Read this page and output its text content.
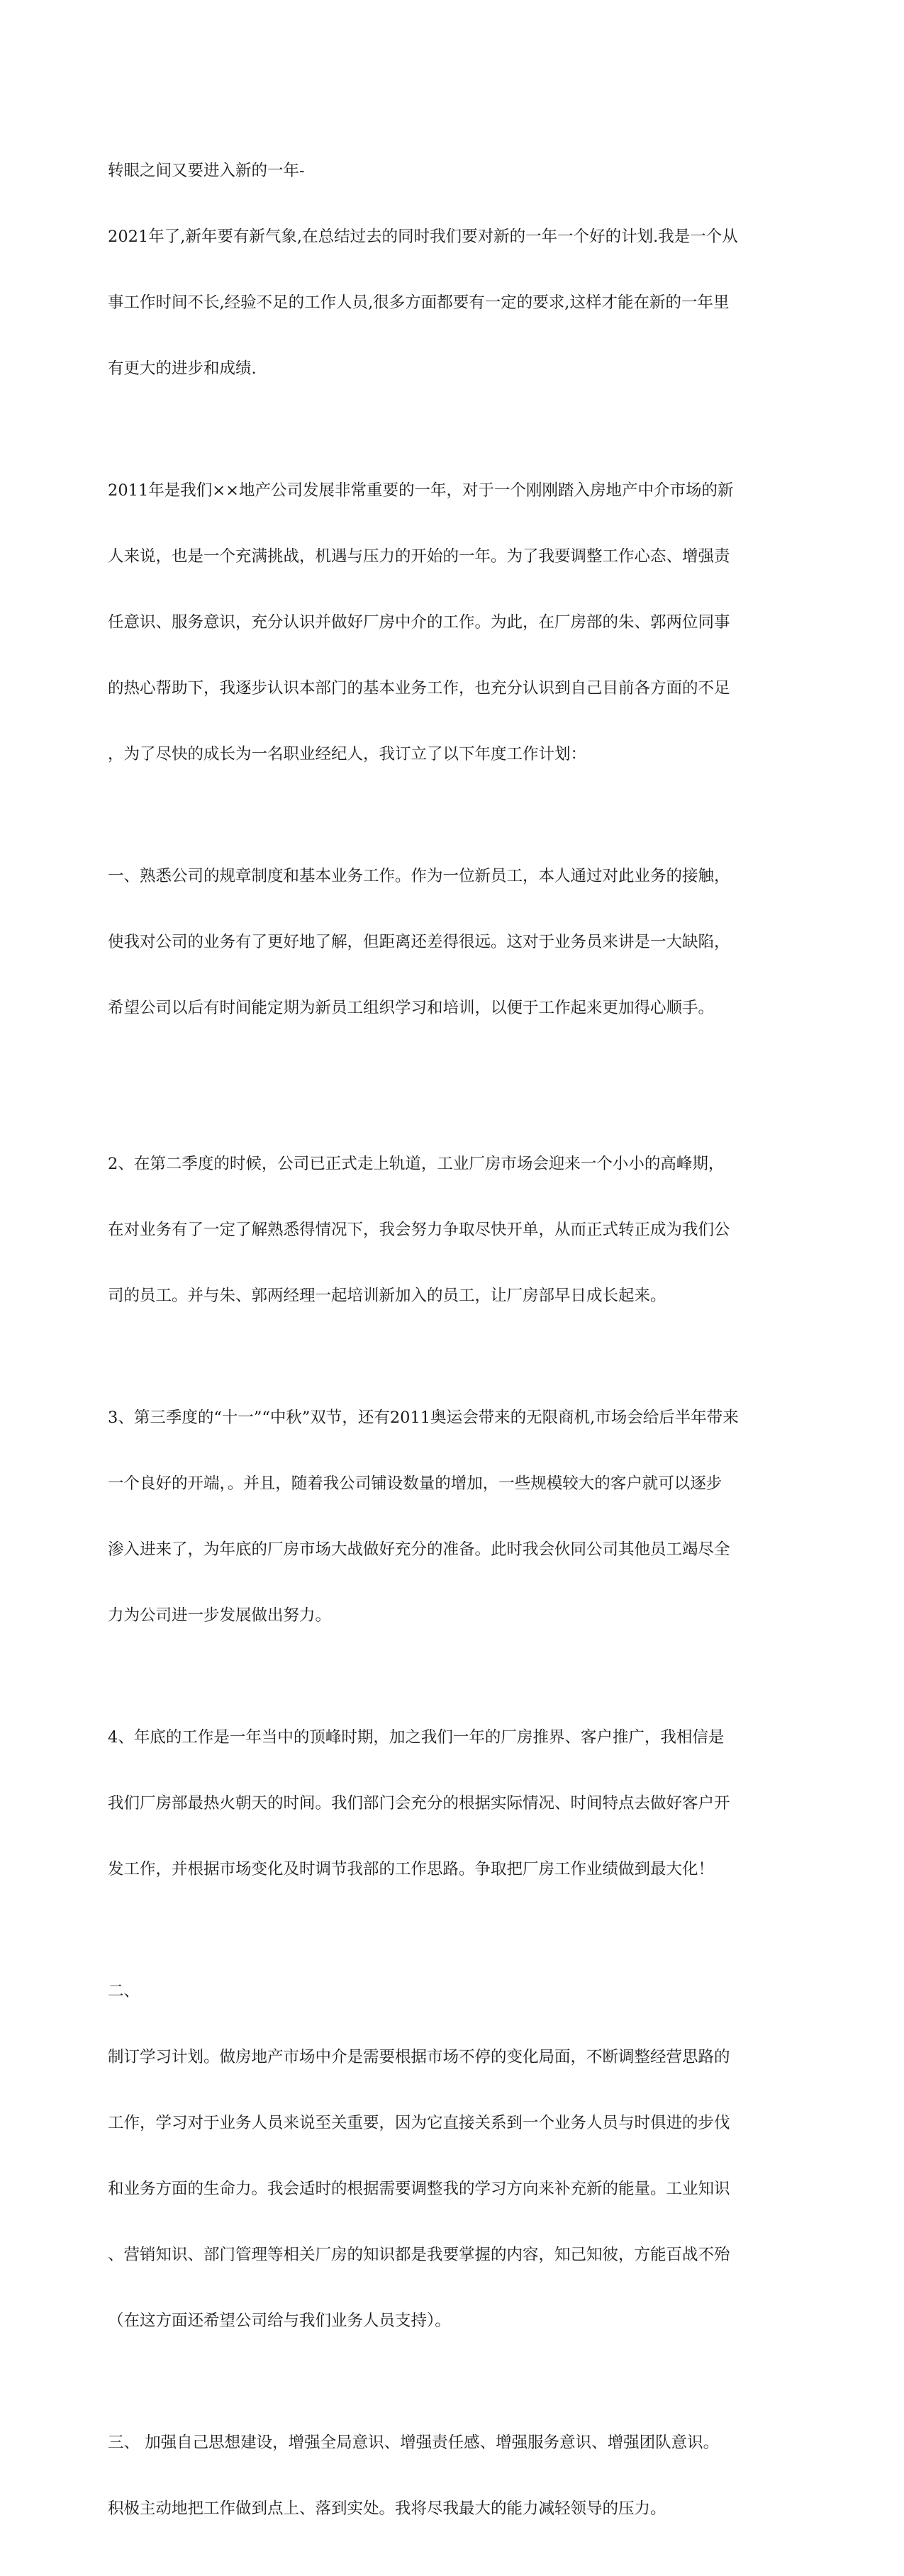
转眼之间又要进入新的一年-

2021年了,新年要有新气象,在总结过去的同时我们要对新的一年一个好的计划.我是一个从

事工作时间不长,经验不足的工作人员,很多方面都要有一定的要求,这样才能在新的一年里

有更大的进步和成绩.

2011年是我们××地产公司发展非常重要的一年，对于一个刚刚踏入房地产中介市场的新

人来说，也是一个充满挑战，机遇与压力的开始的一年。为了我要调整工作心态、增强责

任意识、服务意识，充分认识并做好厂房中介的工作。为此，在厂房部的朱、郭两位同事

的热心帮助下，我逐步认识本部门的基本业务工作，也充分认识到自己目前各方面的不足

，为了尽快的成长为一名职业经纪人，我订立了以下年度工作计划：

一、熟悉公司的规章制度和基本业务工作。作为一位新员工，本人通过对此业务的接触，

使我对公司的业务有了更好地了解，但距离还差得很远。这对于业务员来讲是一大缺陷，

希望公司以后有时间能定期为新员工组织学习和培训，以便于工作起来更加得心顺手。

2、在第二季度的时候，公司已正式走上轨道，工业厂房市场会迎来一个小小的高峰期，

在对业务有了一定了解熟悉得情况下，我会努力争取尽快开单，从而正式转正成为我们公

司的员工。并与朱、郭两经理一起培训新加入的员工，让厂房部早日成长起来。

3、第三季度的“十一”“中秋”双节，还有2011奥运会带来的无限商机,市场会给后半年带来

一个良好的开端，。并且，随着我公司铺设数量的增加，一些规模较大的客户就可以逐步

渗入进来了，为年底的厂房市场大战做好充分的准备。此时我会伙同公司其他员工竭尽全

力为公司进一步发展做出努力。

4、年底的工作是一年当中的顶峰时期，加之我们一年的厂房推界、客户推广，我相信是

我们厂房部最热火朝天的时间。我们部门会充分的根据实际情况、时间特点去做好客户开

发工作，并根据市场变化及时调节我部的工作思路。争取把厂房工作业绩做到最大化！

二、

制订学习计划。做房地产市场中介是需要根据市场不停的变化局面，不断调整经营思路的

工作，学习对于业务人员来说至关重要，因为它直接关系到一个业务人员与时俱进的步伐

和业务方面的生命力。我会适时的根据需要调整我的学习方向来补充新的能量。工业知识

、营销知识、部门管理等相关厂房的知识都是我要掌握的内容，知己知彼，方能百战不殆

（在这方面还希望公司给与我们业务人员支持）。

三、 加强自己思想建设，增强全局意识、增强责任感、增强服务意识、增强团队意识。

积极主动地把工作做到点上、落到实处。我将尽我最大的能力减轻领导的压力。
